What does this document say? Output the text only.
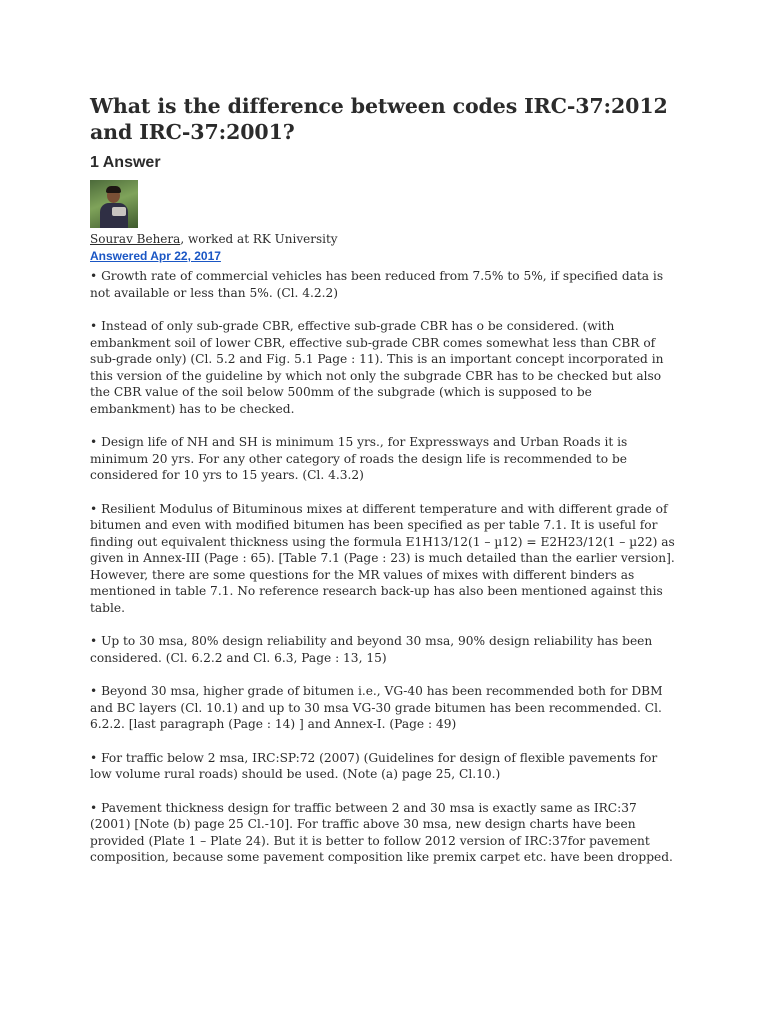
What is the difference between codes IRC-37:2012 and IRC-37:2001?
1 Answer
Sourav Behera, worked at RK University
Answered Apr 22, 2017

• Growth rate of commercial vehicles has been reduced from 7.5% to 5%, if specified data is not available or less than 5%. (Cl. 4.2.2)

• Instead of only sub-grade CBR, effective sub-grade CBR has o be considered. (with embankment soil of lower CBR, effective sub-grade CBR comes somewhat less than CBR of sub-grade only) (Cl. 5.2 and Fig. 5.1 Page : 11). This is an important concept incorporated in this version of the guideline by which not only the subgrade CBR has to be checked but also the CBR value of the soil below 500mm of the subgrade (which is supposed to be embankment) has to be checked.

• Design life of NH and SH is minimum 15 yrs., for Expressways and Urban Roads it is minimum 20 yrs. For any other category of roads the design life is recommended to be considered for 10 yrs to 15 years. (Cl. 4.3.2)

• Resilient Modulus of Bituminous mixes at different temperature and with different grade of bitumen and even with modified bitumen has been specified as per table 7.1. It is useful for finding out equivalent thickness using the formula E1H13/12(1 – µ12) = E2H23/12(1 – µ22) as given in Annex-III (Page : 65). [Table 7.1 (Page : 23) is much detailed than the earlier version]. However, there are some questions for the MR values of mixes with different binders as mentioned in table 7.1. No reference research back-up has also been mentioned against this table.

• Up to 30 msa, 80% design reliability and beyond 30 msa, 90% design reliability has been considered. (Cl. 6.2.2 and Cl. 6.3, Page : 13, 15)

• Beyond 30 msa, higher grade of bitumen i.e., VG-40 has been recommended both for DBM and BC layers (Cl. 10.1) and up to 30 msa VG-30 grade bitumen has been recommended. Cl. 6.2.2. [last paragraph (Page : 14) ] and Annex-I. (Page : 49)

• For traffic below 2 msa, IRC:SP:72 (2007) (Guidelines for design of flexible pavements for low volume rural roads) should be used. (Note (a) page 25, Cl.10.)

• Pavement thickness design for traffic between 2 and 30 msa is exactly same as IRC:37 (2001) [Note (b) page 25 Cl.-10]. For traffic above 30 msa, new design charts have been provided (Plate 1 – Plate 24). But it is better to follow 2012 version of IRC:37for pavement composition, because some pavement composition like premix carpet etc. have been dropped.
